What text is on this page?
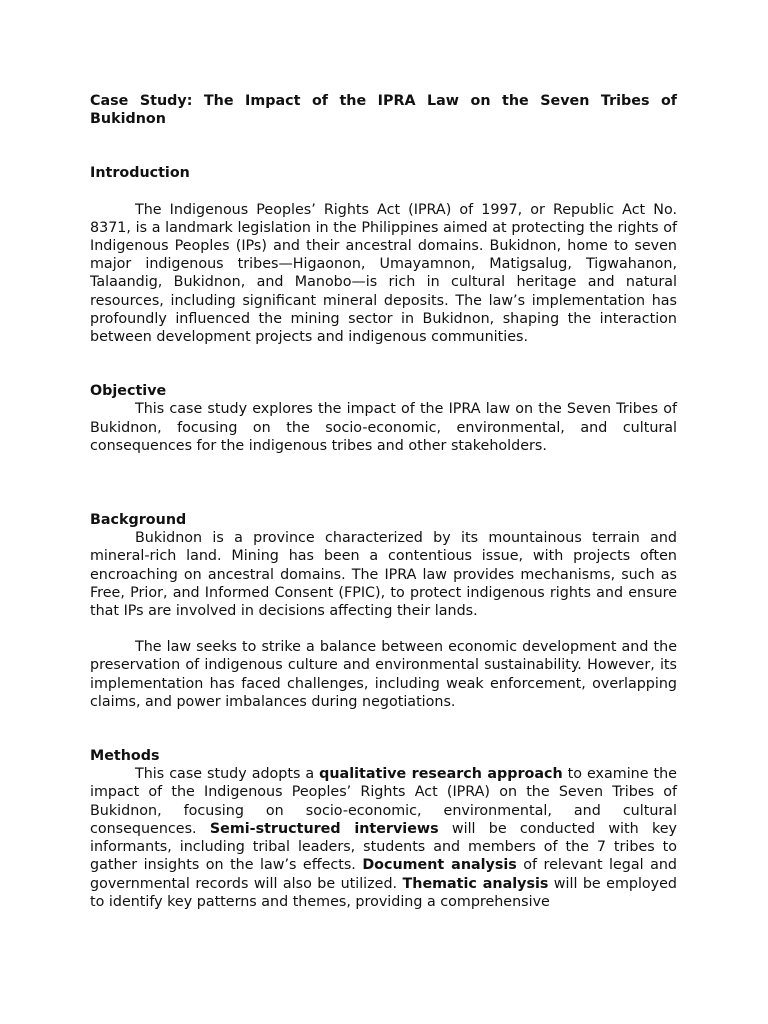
Case Study: The Impact of the IPRA Law on the Seven Tribes of Bukidnon

Introduction

The Indigenous Peoples’ Rights Act (IPRA) of 1997, or Republic Act No. 8371, is a landmark legislation in the Philippines aimed at protecting the rights of Indigenous Peoples (IPs) and their ancestral domains. Bukidnon, home to seven major indigenous tribes—Higaonon, Umayamnon, Matigsalug, Tigwahanon, Talaandig, Bukidnon, and Manobo—is rich in cultural heritage and natural resources, including significant mineral deposits. The law’s implementation has profoundly influenced the mining sector in Bukidnon, shaping the interaction between development projects and indigenous communities.

Objective

This case study explores the impact of the IPRA law on the Seven Tribes of Bukidnon, focusing on the socio-economic, environmental, and cultural consequences for the indigenous tribes and other stakeholders.

Background

Bukidnon is a province characterized by its mountainous terrain and mineral-rich land. Mining has been a contentious issue, with projects often encroaching on ancestral domains. The IPRA law provides mechanisms, such as Free, Prior, and Informed Consent (FPIC), to protect indigenous rights and ensure that IPs are involved in decisions affecting their lands.

The law seeks to strike a balance between economic development and the preservation of indigenous culture and environmental sustainability. However, its implementation has faced challenges, including weak enforcement, overlapping claims, and power imbalances during negotiations.

Methods

This case study adopts a qualitative research approach to examine the impact of the Indigenous Peoples’ Rights Act (IPRA) on the Seven Tribes of Bukidnon, focusing on socio-economic, environmental, and cultural consequences. Semi-structured interviews will be conducted with key informants, including tribal leaders, students and members of the 7 tribes to gather insights on the law’s effects. Document analysis of relevant legal and governmental records will also be utilized. Thematic analysis will be employed to identify key patterns and themes, providing a comprehensive
